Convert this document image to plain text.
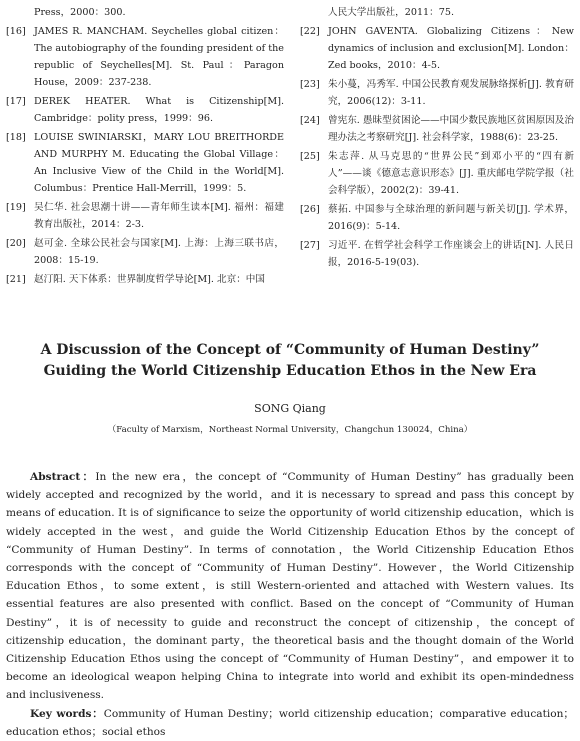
Press，2000：300.
[16] JAMES R. MANCHAM. Seychelles global citizen：The autobiography of the founding president of the republic of Seychelles[M]. St. Paul：Paragon House，2009：237-238.
[17] DEREK HEATER. What is Citizenship[M]. Cambridge：polity press，1999：96.
[18] LOUISE SWINIARSKI，MARY LOU BREITHORDE AND MURPHY M. Educating the Global Village：An Inclusive View of the Child in the World[M]. Columbus：Prentice Hall-Merrill，1999：5.
[19] 吴仁华. 社会思潮十讲——青年师生读本[M]. 福州：福建教育出版社，2014：2-3.
[20] 赵可金. 全球公民社会与国家[M]. 上海：上海三联书店，2008：15-19.
[21] 赵汀阳. 天下体系：世界制度哲学导论[M]. 北京：中国
人民大学出版社，2011：75.
[22] JOHN GAVENTA. Globalizing Citizens：New dynamics of inclusion and exclusion[M]. London：Zed books，2010：4-5.
[23] 朱小蔓，冯秀军. 中国公民教育观发展脉络探析[J]. 教育研究，2006(12)：3-11.
[24] 曾宪东. 愚昧型贫困论——中国少数民族地区贫困原因及治理办法之考察研究[J]. 社会科学家，1988(6)：23-25.
[25] 朱志萍. 从马克思的“世界公民”到邓小平的“四有新人”——谈《德意志意识形态》[J]. 重庆邮电学院学报（社会科学版），2002(2)：39-41.
[26] 蔡拓. 中国参与全球治理的新问题与新关切[J]. 学术界，2016(9)：5-14.
[27] 习近平. 在哲学社会科学工作座谈会上的讲话[N]. 人民日报，2016-5-19(03).
A Discussion of the Concept of “Community of Human Destiny”
Guiding the World Citizenship Education Ethos in the New Era
SONG Qiang
（Faculty of Marxism，Northeast Normal University，Changchun 130024，China）

Abstract：In the new era，the concept of “Community of Human Destiny” has gradually been widely accepted and recognized by the world，and it is necessary to spread and pass this concept by means of education. It is of significance to seize the opportunity of world citizenship education，which is widely accepted in the west，and guide the World Citizenship Education Ethos by the concept of “Community of Human Destiny”. In terms of connotation，the World Citizenship Education Ethos corresponds with the concept of “Community of Human Destiny”. However，the World Citizenship Education Ethos，to some extent，is still Western-oriented and attached with Western values. Its essential features are also presented with conflict. Based on the concept of “Community of Human Destiny”，it is of necessity to guide and reconstruct the concept of citizenship，the concept of citizenship education，the dominant party，the theoretical basis and the thought domain of the World Citizenship Education Ethos using the concept of “Community of Human Destiny”，and empower it to become an ideological weapon helping China to integrate into world and exhibit its open-mindedness and inclusiveness.

Key words：Community of Human Destiny；world citizenship education；comparative education；education ethos；social ethos
